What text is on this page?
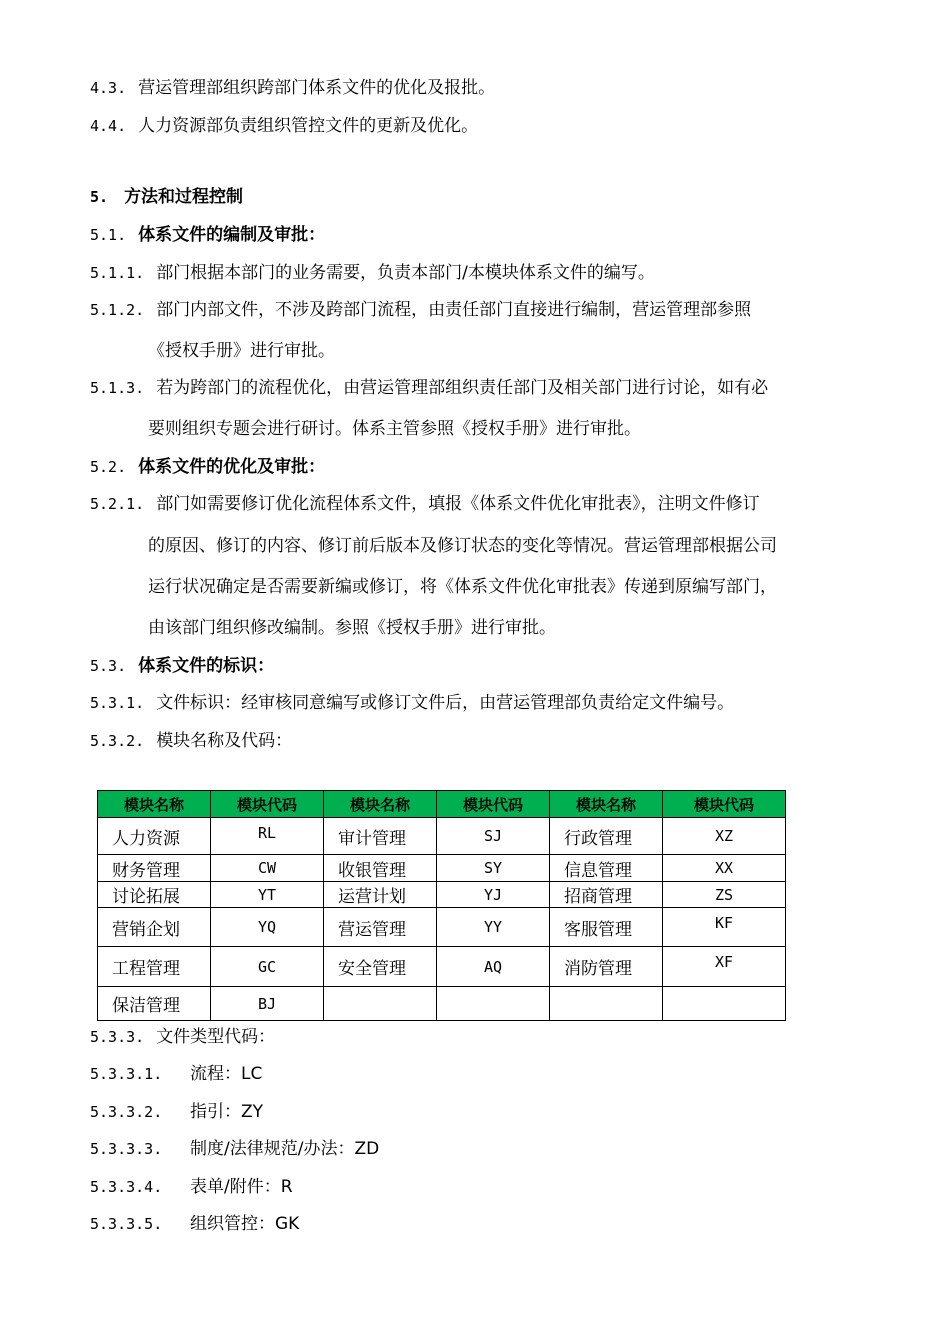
4.3. 营运管理部组织跨部门体系文件的优化及报批。
4.4. 人力资源部负责组织管控文件的更新及优化。
5. 方法和过程控制
5.1. 体系文件的编制及审批：
5.1.1. 部门根据本部门的业务需要，负责本部门/本模块体系文件的编写。
5.1.2. 部门内部文件，不涉及跨部门流程，由责任部门直接进行编制，营运管理部参照
《授权手册》进行审批。
5.1.3. 若为跨部门的流程优化，由营运管理部组织责任部门及相关部门进行讨论，如有必
要则组织专题会进行研讨。体系主管参照《授权手册》进行审批。
5.2. 体系文件的优化及审批：
5.2.1. 部门如需要修订优化流程体系文件，填报《体系文件优化审批表》，注明文件修订
的原因、修订的内容、修订前后版本及修订状态的变化等情况。营运管理部根据公司
运行状况确定是否需要新编或修订，将《体系文件优化审批表》传递到原编写部门，
由该部门组织修改编制。参照《授权手册》进行审批。
5.3. 体系文件的标识：
5.3.1. 文件标识：经审核同意编写或修订文件后，由营运管理部负责给定文件编号。
5.3.2. 模块名称及代码：
模块名称	模块代码	模块名称	模块代码	模块名称	模块代码
人力资源	RL	审计管理	SJ	行政管理	XZ
财务管理	CW	收银管理	SY	信息管理	XX
讨论拓展	YT	运营计划	YJ	招商管理	ZS
营销企划	YQ	营运管理	YY	客服管理	KF
工程管理	GC	安全管理	AQ	消防管理	XF
保洁管理	BJ				
5.3.3. 文件类型代码：
5.3.3.1. 流程：LC
5.3.3.2. 指引：ZY
5.3.3.3. 制度/法律规范/办法：ZD
5.3.3.4. 表单/附件：R
5.3.3.5. 组织管控：GK
